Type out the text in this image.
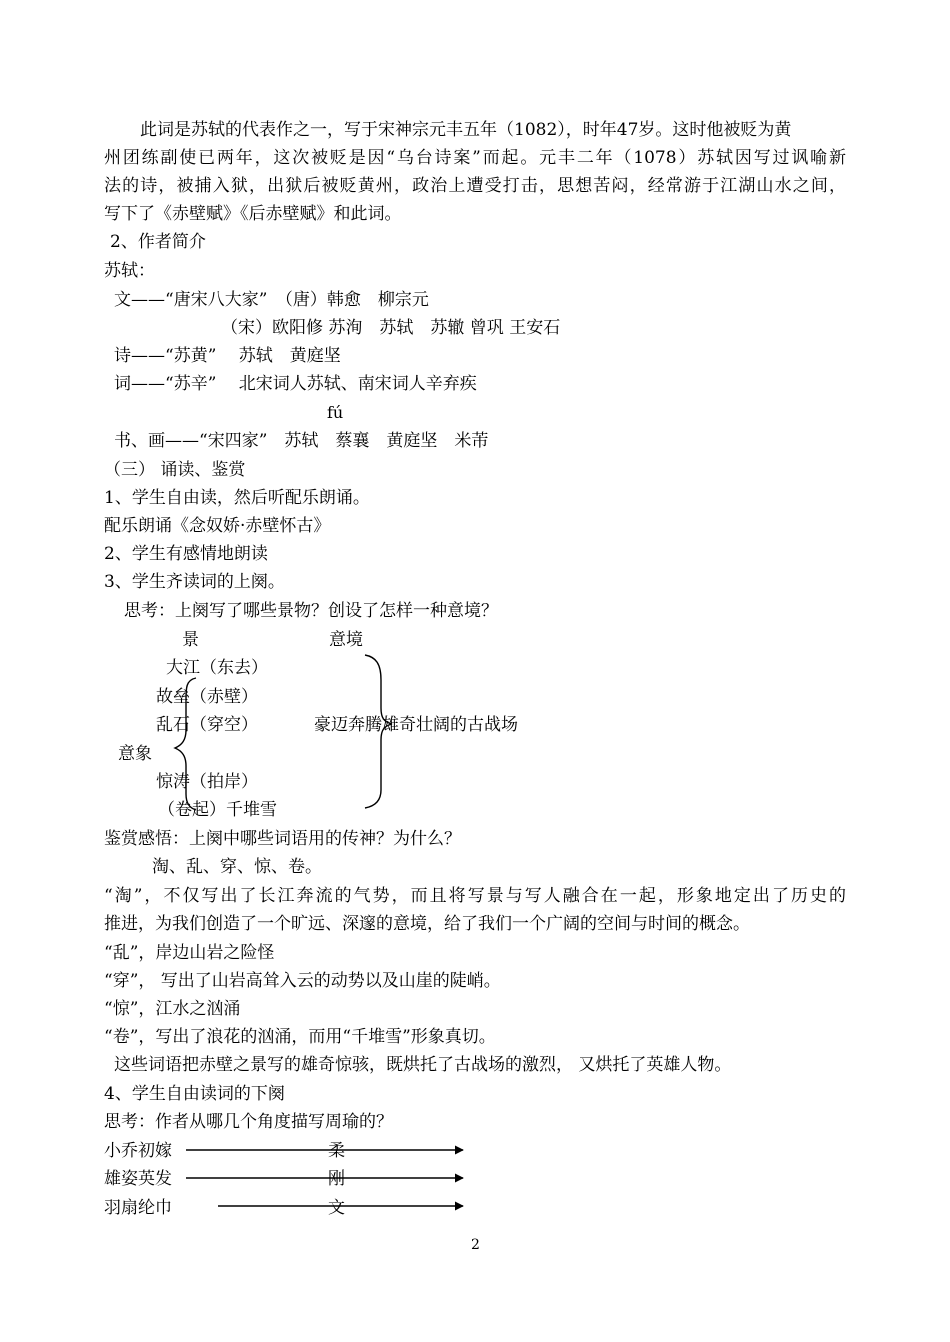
此词是苏轼的代表作之一，写于宋神宗元丰五年（1082），时年47岁。这时他被贬为黄
州团练副使已两年，这次被贬是因“乌台诗案”而起。元丰二年（1078）苏轼因写过讽喻新
法的诗，被捕入狱，出狱后被贬黄州，政治上遭受打击，思想苦闷，经常游于江湖山水之间，
写下了《赤壁赋》《后赤壁赋》和此词。
2、作者简介
苏轼：
文——“唐宋八大家”　（唐）韩愈　柳宗元
（宋）欧阳修 苏洵　苏轼　苏辙 曾巩 王安石
诗——“苏黄”　 苏轼　黄庭坚
词——“苏辛”　 北宋词人苏轼、南宋词人辛弃疾
fú
书、画——“宋四家”　苏轼　蔡襄　黄庭坚　米芾
（三） 诵读、鉴赏
1、学生自由读，然后听配乐朗诵。
配乐朗诵《念奴娇·赤壁怀古》
2、学生有感情地朗读
3、学生齐读词的上阕。
思考：上阕写了哪些景物？创设了怎样一种意境？
景	意境
大江（东去）
故垒（赤壁）
乱石（穿空）	豪迈奔腾雄奇壮阔的古战场
意象
惊涛（拍岸）
（卷起）千堆雪
鉴赏感悟：上阕中哪些词语用的传神？为什么？
淘、乱、穿、惊、卷。
“淘”，不仅写出了长江奔流的气势，而且将写景与写人融合在一起，形象地定出了历史的
推进，为我们创造了一个旷远、深邃的意境，给了我们一个广阔的空间与时间的概念。
“乱”，岸边山岩之险怪
“穿”， 写出了山岩高耸入云的动势以及山崖的陡峭。
“惊”，江水之汹涌
“卷”，写出了浪花的汹涌，而用“千堆雪”形象真切。
这些词语把赤壁之景写的雄奇惊骇，既烘托了古战场的激烈， 又烘托了英雄人物。
4、学生自由读词的下阕
思考：作者从哪几个角度描写周瑜的？
小乔初嫁	柔
雄姿英发	刚
羽扇纶巾	文
2
